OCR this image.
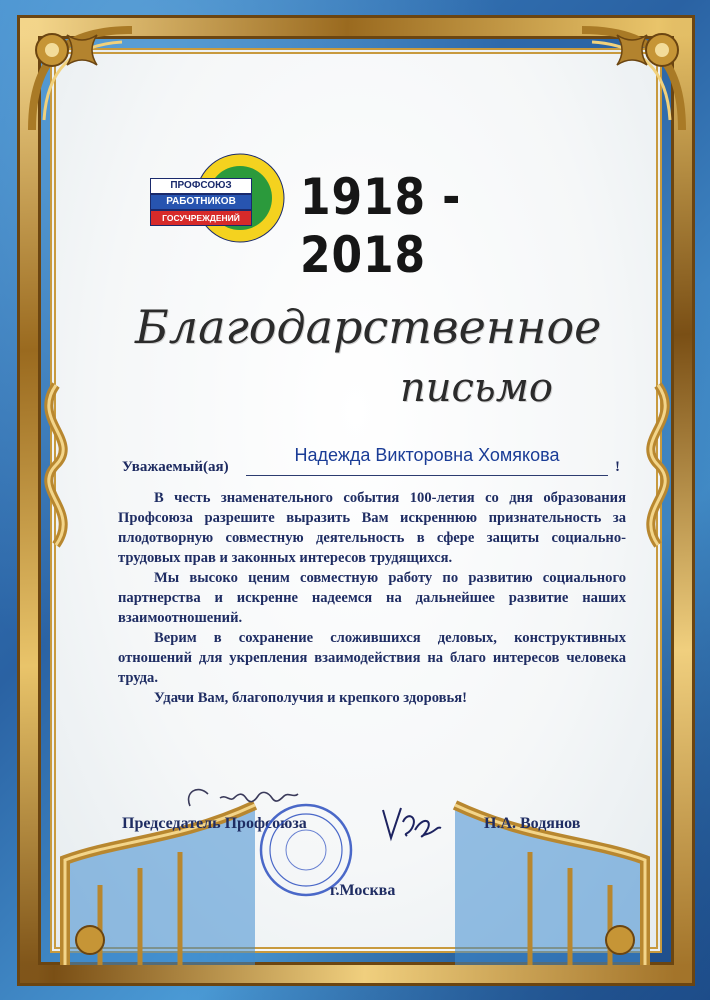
ПРОФСОЮЗ
РАБОТНИКОВ
ГОСУЧРЕЖДЕНИЙ 1918 - 2018
Благодарственное
письмо
Уважаемый(ая)
Надежда Викторовна Хомякова
!

В честь знаменательного события 100-летия со дня образования Профсоюза разрешите выразить Вам искреннюю признательность за плодотворную совместную деятельность в сфере защиты социально-трудовых прав и законных интересов трудящихся.

Мы высоко ценим совместную работу по развитию социального партнерства и искренне надеемся на дальнейшее развитие наших взаимоотношений.

Верим в сохранение сложившихся деловых, конструктивных отношений для укрепления взаимодействия на благо интересов человека труда.

Удачи Вам, благополучия и крепкого здоровья!

Председатель Профсоюза	Н.А. Водянов
г.Москва
